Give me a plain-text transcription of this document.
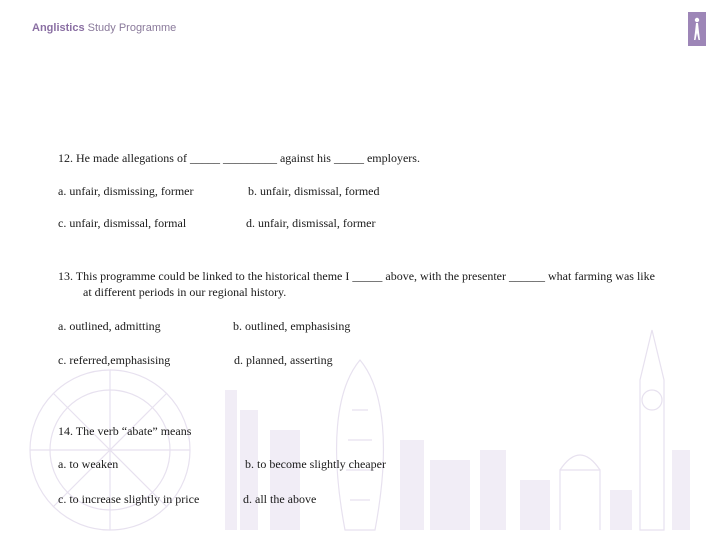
Anglistics Study Programme
12. He made allegations of _____ _________ against his _____ employers.
a. unfair, dismissing, former	b. unfair, dismissal, formed
c. unfair, dismissal, formal	d. unfair, dismissal, former
13. This programme could be linked to the historical theme I _____ above, with the presenter ______ what farming was like
at different periods in our regional history.
a. outlined, admitting	b. outlined, emphasising
c. referred,emphasising	d. planned, asserting
14. The verb “abate” means
a. to weaken	b. to become slightly cheaper
c. to increase slightly in price	d. all the above
